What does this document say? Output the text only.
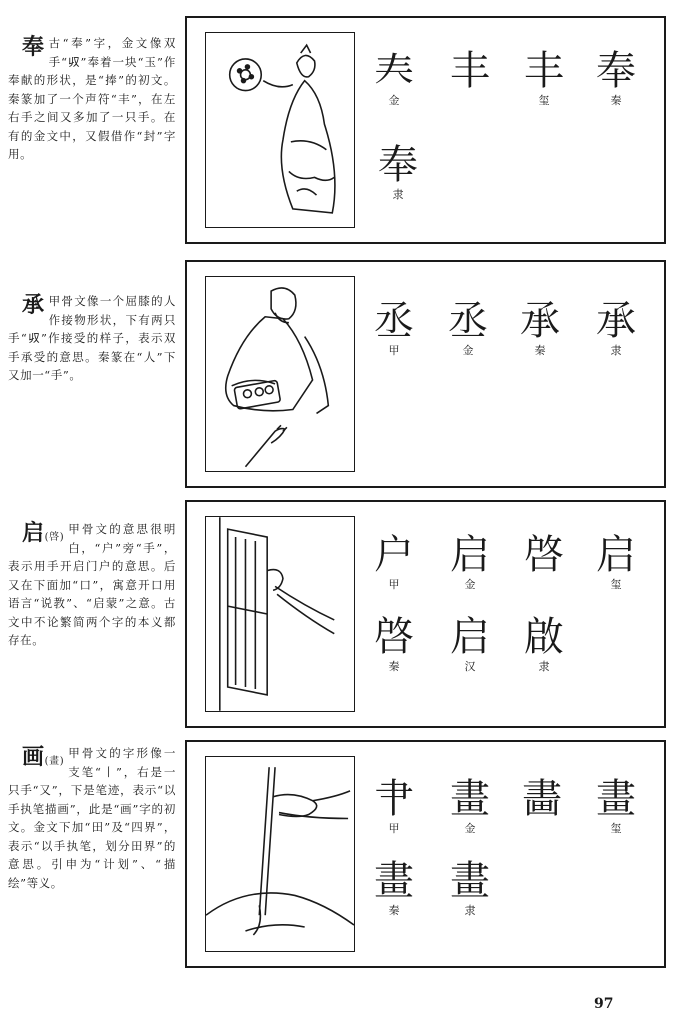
奉 古“奉”字，金文像双手“𠬞”奉着一块“玉”作奉献的形状，是“捧”的初文。秦篆加了一个声符“丰”，在左右手之间又多加了一只手。在有的金文中，又假借作“封”字用。
𡗗
金
丰 丰
玺
奉
秦
奉
隶
承 甲骨文像一个屈膝的人作接物形状，下有两只手“𠬞”作接受的样子，表示双手承受的意思。秦篆在“人”下又加一“手”。
丞
甲
丞
金
承
秦
承
隶
启(啓)
甲骨文的意思很明白，“户”旁“手”，表示用手开启门户的意思。后又在下面加“口”，寓意开口用语言“说教”、“启蒙”之意。古文中不论繁简两个字的本义都存在。
户
甲
启
金
啓 启
玺
啓
秦
启
汉
啟
隶
画(畫)
甲骨文的字形像一支笔“丨”，右是一只手“又”，下是笔迹，表示“以手执笔描画”，此是“画”字的初文。金文下加“田”及“四界”，表示“以手执笔，划分田界”的意思。引申为“计划”、“描绘”等义。
肀
甲
畫
金
畵 畫
玺
畫
秦
畫
隶
97
